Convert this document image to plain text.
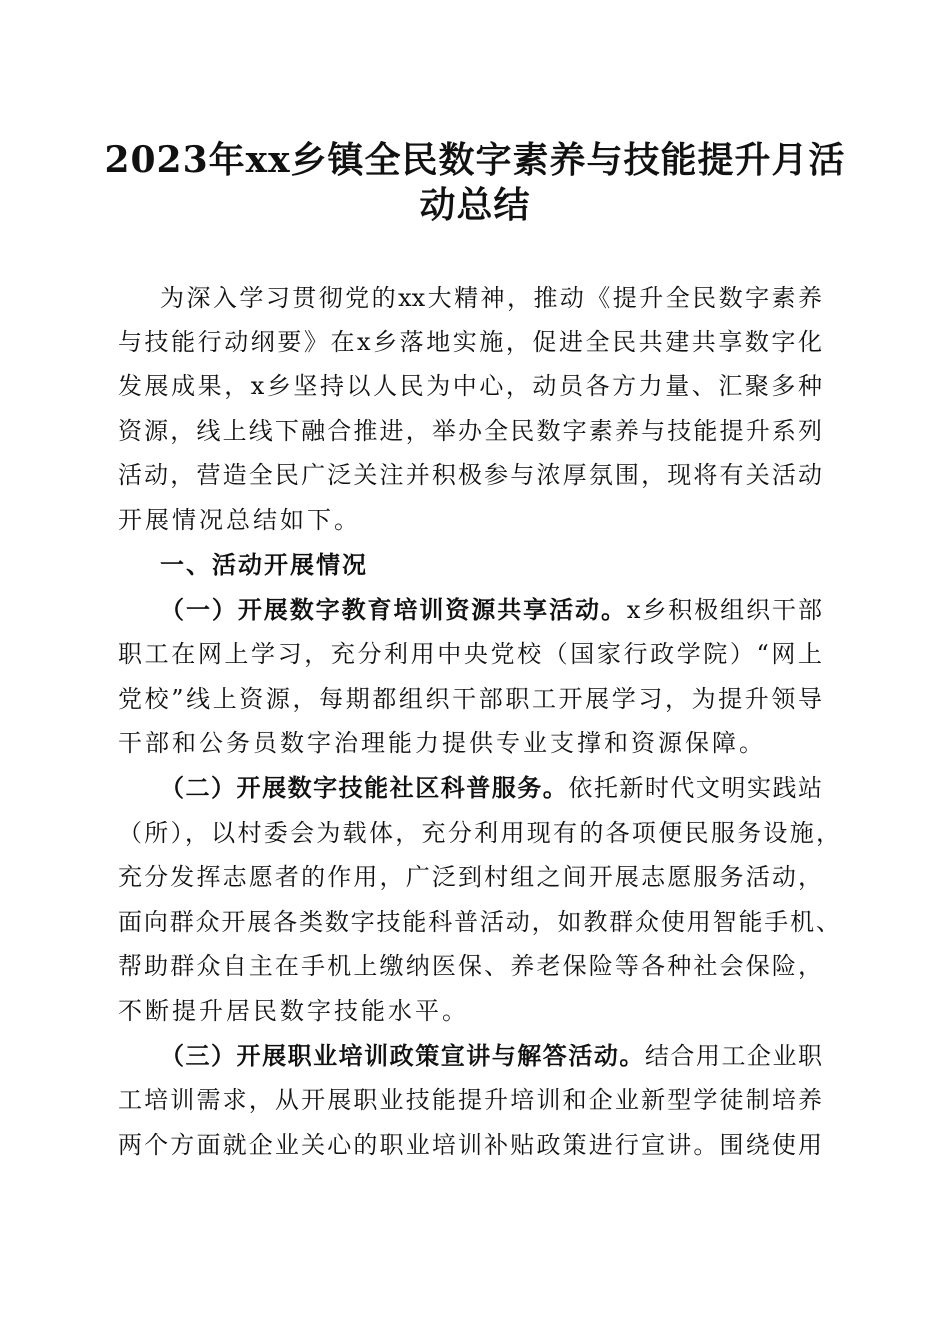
2023年xx乡镇全民数字素养与技能提升月活
动总结
为深入学习贯彻党的xx大精神，推动《提升全民数字素养
与技能行动纲要》在x乡落地实施，促进全民共建共享数字化
发展成果，x乡坚持以人民为中心，动员各方力量、汇聚多种
资源，线上线下融合推进，举办全民数字素养与技能提升系列
活动，营造全民广泛关注并积极参与浓厚氛围，现将有关活动
开展情况总结如下。
一、活动开展情况
（一）开展数字教育培训资源共享活动。x乡积极组织干部
职工在网上学习，充分利用中央党校（国家行政学院）“网上
党校”线上资源，每期都组织干部职工开展学习，为提升领导
干部和公务员数字治理能力提供专业支撑和资源保障。
（二）开展数字技能社区科普服务。依托新时代文明实践站
（所），以村委会为载体，充分利用现有的各项便民服务设施，
充分发挥志愿者的作用，广泛到村组之间开展志愿服务活动，
面向群众开展各类数字技能科普活动，如教群众使用智能手机、
帮助群众自主在手机上缴纳医保、养老保险等各种社会保险，
不断提升居民数字技能水平。
（三）开展职业培训政策宣讲与解答活动。结合用工企业职
工培训需求，从开展职业技能提升培训和企业新型学徒制培养
两个方面就企业关心的职业培训补贴政策进行宣讲。围绕使用
